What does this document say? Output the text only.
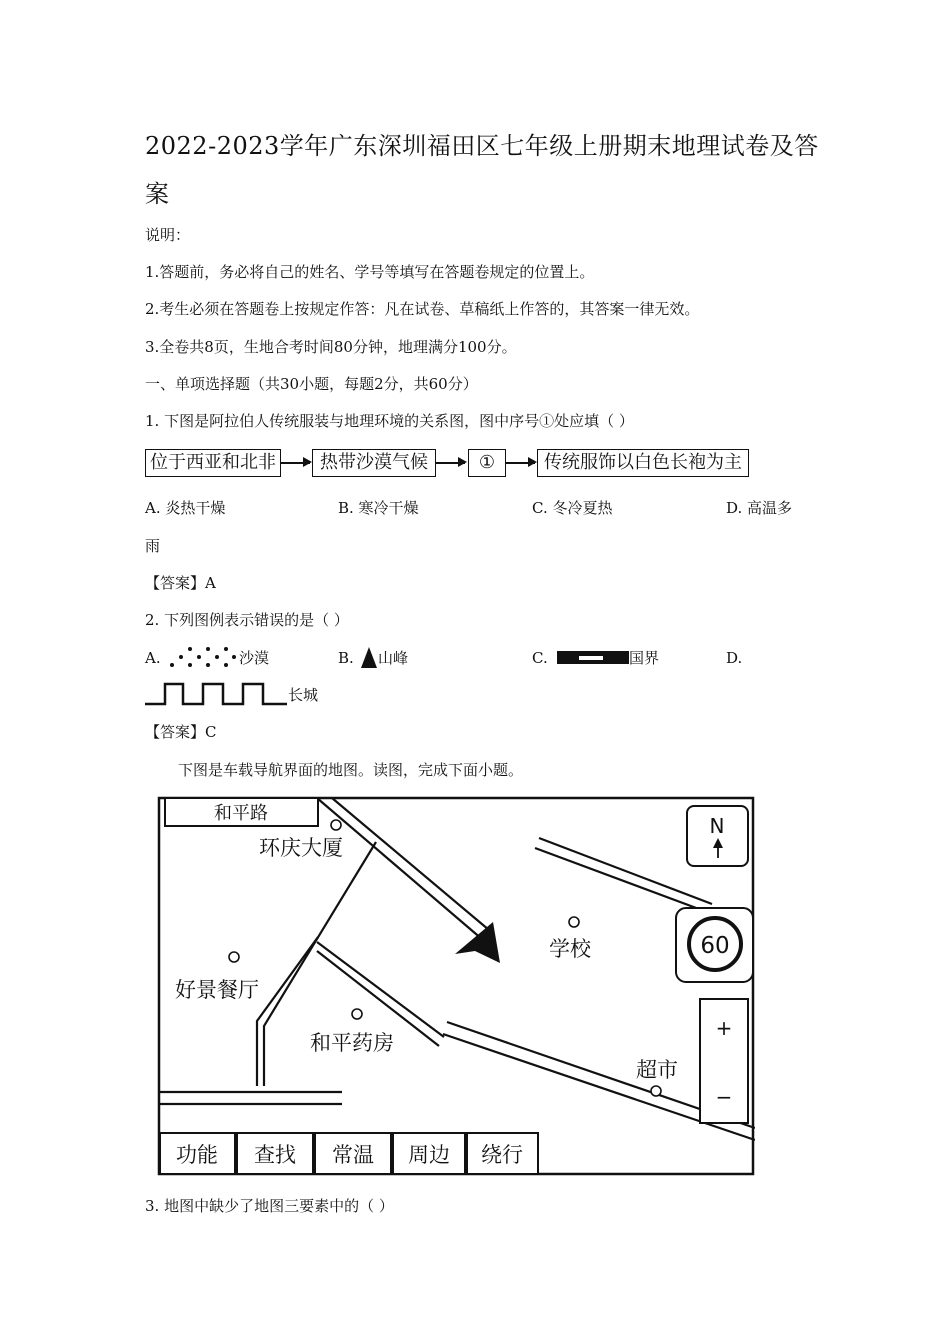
2022-2023学年广东深圳福田区七年级上册期末地理试卷及答案
说明：
1.答题前，务必将自己的姓名、学号等填写在答题卷规定的位置上。
2.考生必须在答题卷上按规定作答：凡在试卷、草稿纸上作答的，其答案一律无效。
3.全卷共8页，生地合考时间80分钟，地理满分100分。
一、单项选择题（共30小题，每题2分，共60分）
1. 下图是阿拉伯人传统服装与地理环境的关系图，图中序号①处应填（ ）
位于西亚和北非	热带沙漠气候	①	传统服饰以白色长袍为主
A. 炎热干燥	B. 寒冷干燥	C. 冬冷夏热	D. 高温多
雨
【答案】A
2. 下列图例表示错误的是（ ）
A.	沙漠	B. 山峰	C.	国界	D.
长城
【答案】C
下图是车载导航界面的地图。读图，完成下面小题。
和平路
环庆大厦
好景餐厅
和平药房
学校
超市
N
60
+
−
功能 查找 常温 周边 绕行
3. 地图中缺少了地图三要素中的（ ）
